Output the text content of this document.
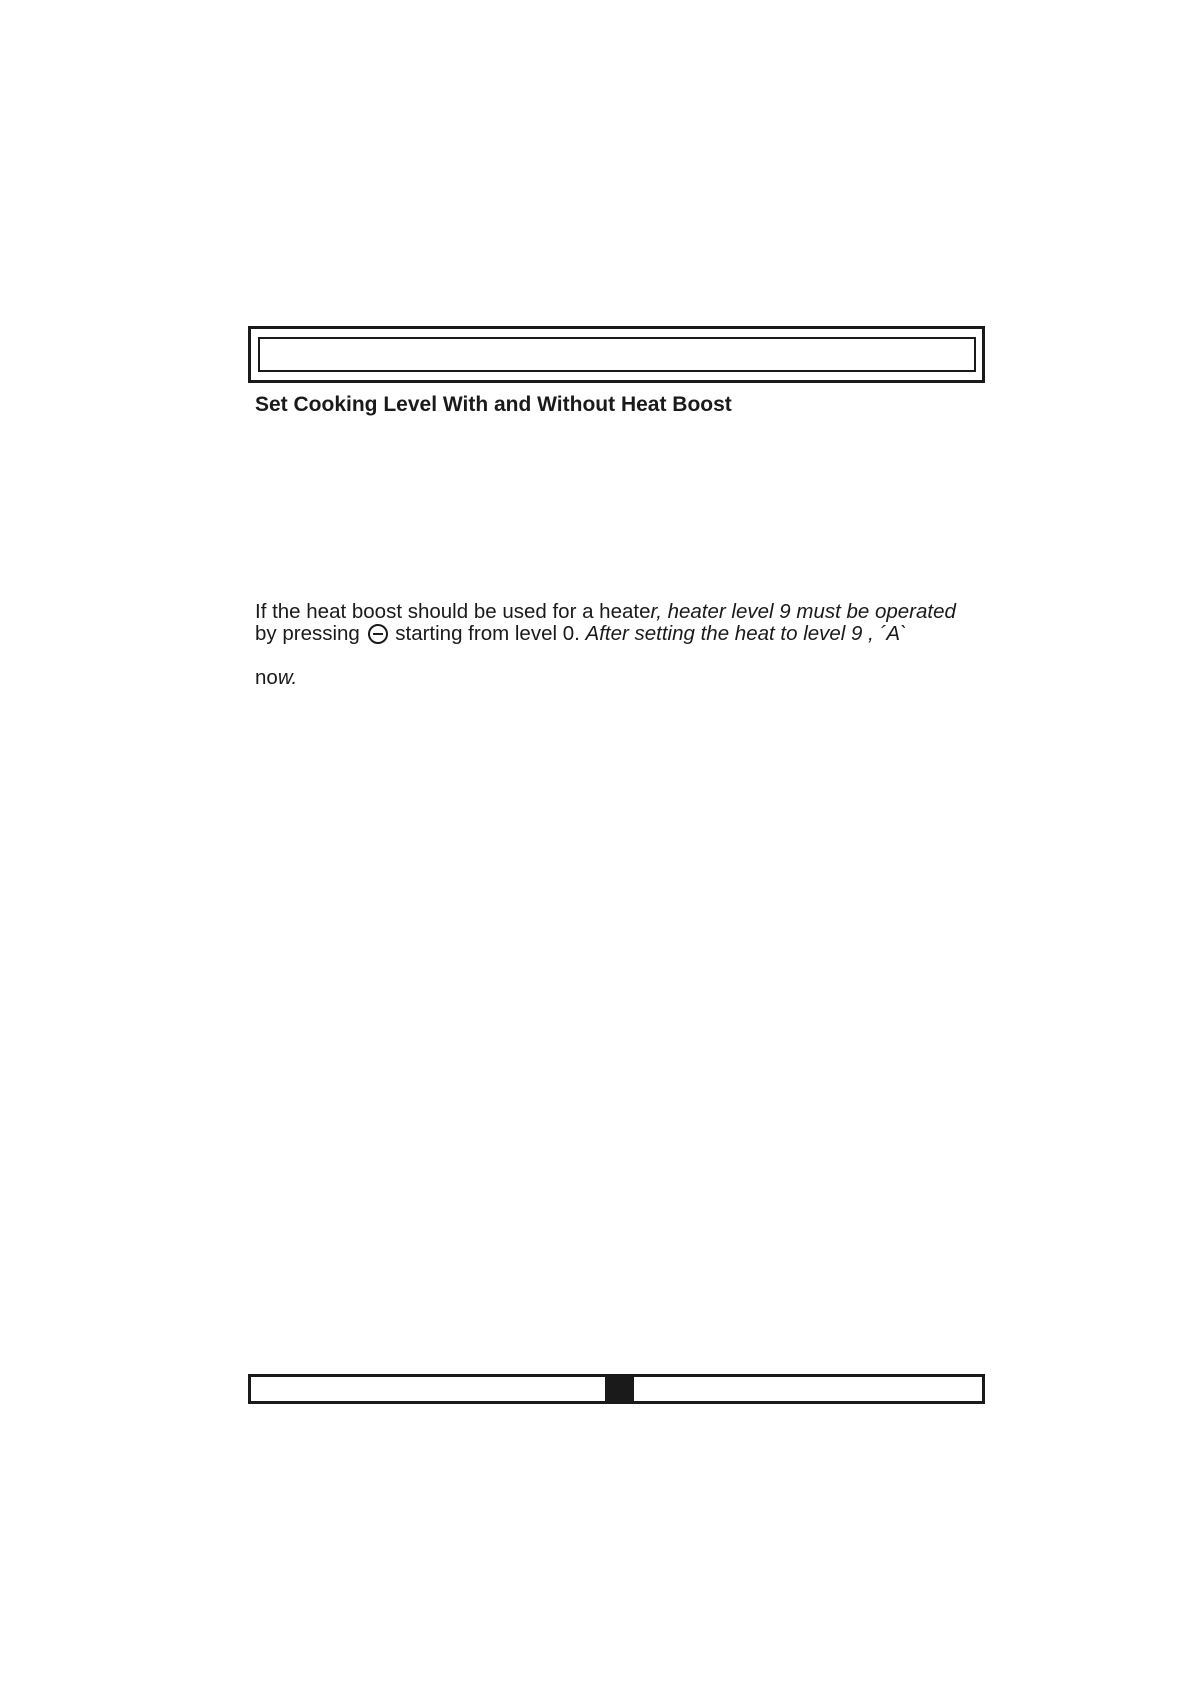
Set Cooking Level With and Without Heat Boost

If the heat boost should be used for a heater, heater level 9 must be operated
by pressing starting from level 0. After setting the heat to level 9 , ´A`
now.
